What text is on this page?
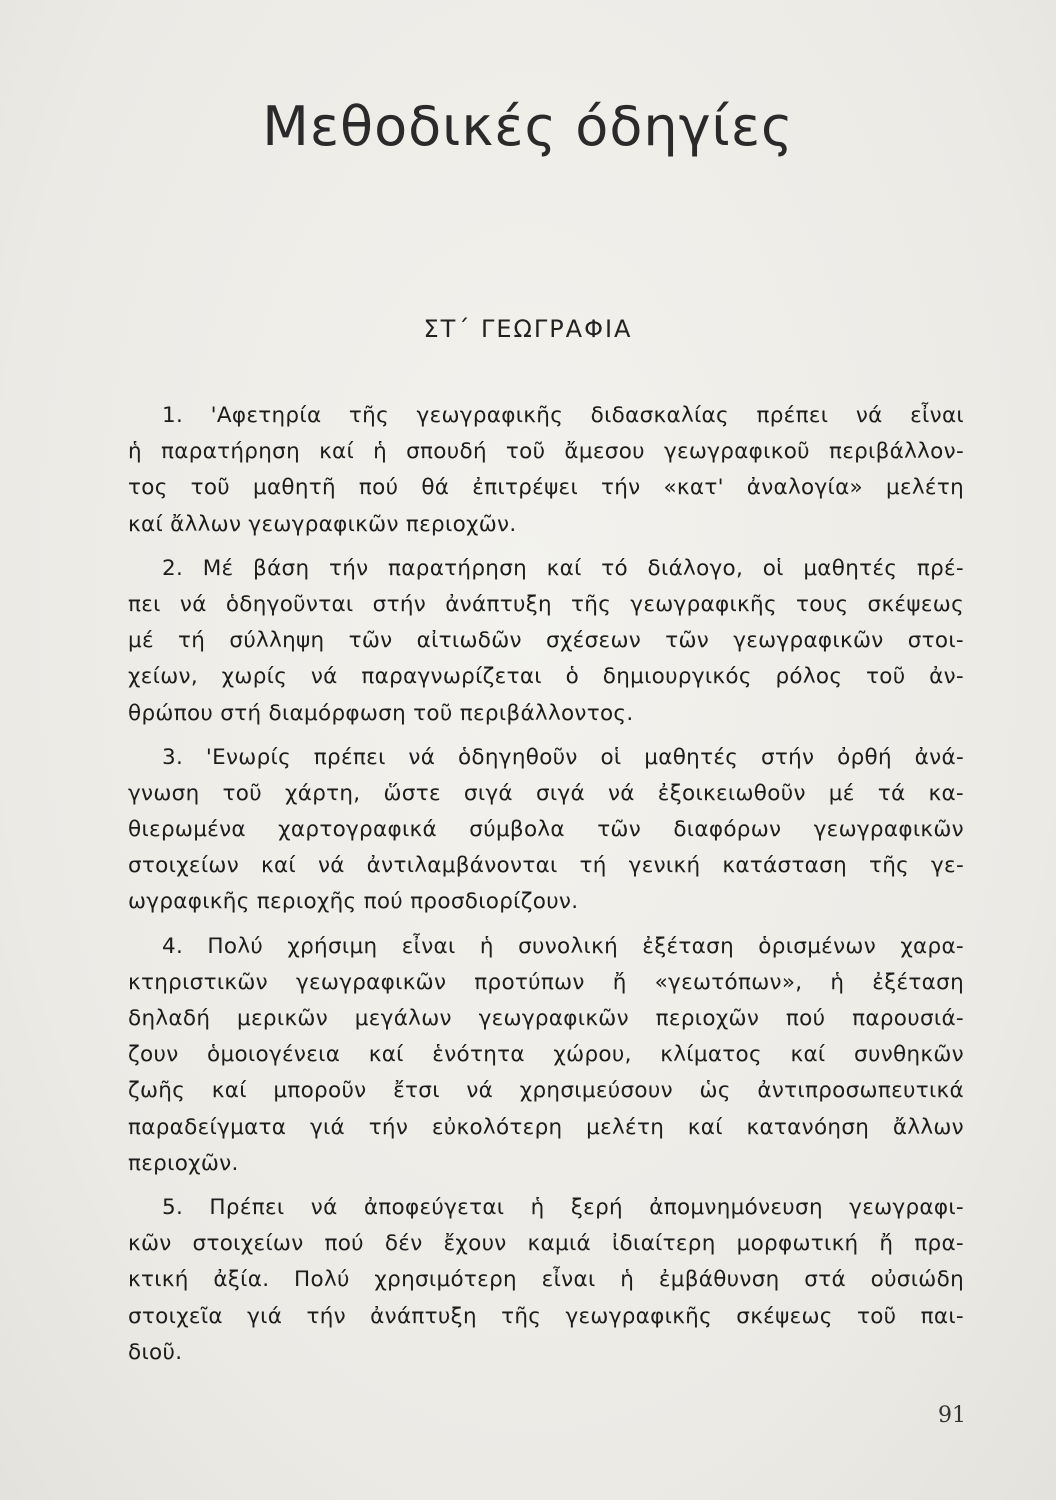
Μεθοδικές όδηγίες
ΣΤ΄ ΓΕΩΓΡΑΦΙΑ
1. 'Αφετηρία τῆς γεωγραφικῆς διδασκαλίας πρέπει νά εἶναι
ἡ παρατήρηση καί ἡ σπουδή τοῦ ἄμεσου γεωγραφικοῦ περιβάλλον-
τος τοῦ μαθητῆ πού θά ἐπιτρέψει τήν «κατ' ἀναλογία» μελέτη
καί ἄλλων γεωγραφικῶν περιοχῶν.
2. Μέ βάση τήν παρατήρηση καί τό διάλογο, οἱ μαθητές πρέ-
πει νά ὁδηγοῦνται στήν ἀνάπτυξη τῆς γεωγραφικῆς τους σκέψεως
μέ τή σύλληψη τῶν αἰτιωδῶν σχέσεων τῶν γεωγραφικῶν στοι-
χείων, χωρίς νά παραγνωρίζεται ὁ δημιουργικός ρόλος τοῦ ἀν-
θρώπου στή διαμόρφωση τοῦ περιβάλλοντος.
3. 'Ενωρίς πρέπει νά ὁδηγηθοῦν οἱ μαθητές στήν ὀρθή ἀνά-
γνωση τοῦ χάρτη, ὥστε σιγά σιγά νά ἐξοικειωθοῦν μέ τά κα-
θιερωμένα χαρτογραφικά σύμβολα τῶν διαφόρων γεωγραφικῶν
στοιχείων καί νά ἀντιλαμβάνονται τή γενική κατάσταση τῆς γε-
ωγραφικῆς περιοχῆς πού προσδιορίζουν.
4. Πολύ χρήσιμη εἶναι ἡ συνολική ἐξέταση ὁρισμένων χαρα-
κτηριστικῶν γεωγραφικῶν προτύπων ἤ «γεωτόπων», ἡ ἐξέταση
δηλαδή μερικῶν μεγάλων γεωγραφικῶν περιοχῶν πού παρουσιά-
ζουν ὁμοιογένεια καί ἑνότητα χώρου, κλίματος καί συνθηκῶν
ζωῆς καί μποροῦν ἔτσι νά χρησιμεύσουν ὡς ἀντιπροσωπευτικά
παραδείγματα γιά τήν εὐκολότερη μελέτη καί κατανόηση ἄλλων
περιοχῶν.
5. Πρέπει νά ἀποφεύγεται ἡ ξερή ἀπομνημόνευση γεωγραφι-
κῶν στοιχείων πού δέν ἔχουν καμιά ἰδιαίτερη μορφωτική ἤ πρα-
κτική ἀξία. Πολύ χρησιμότερη εἶναι ἡ ἐμβάθυνση στά οὐσιώδη
στοιχεῖα γιά τήν ἀνάπτυξη τῆς γεωγραφικῆς σκέψεως τοῦ παι-
διοῦ.
91
